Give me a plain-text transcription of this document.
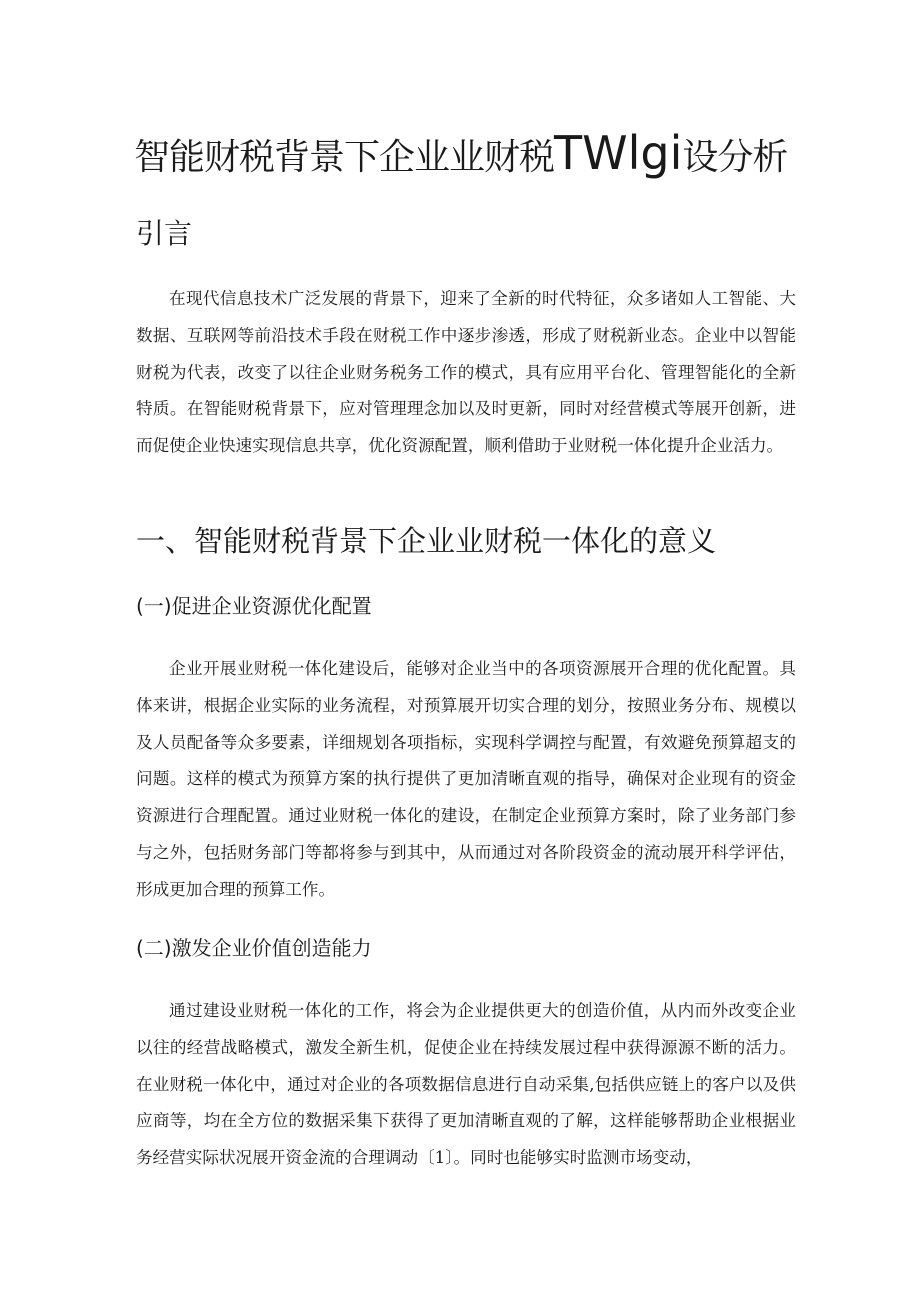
智能财税背景下企业业财税TWlgi设分析
引言

在现代信息技术广泛发展的背景下，迎来了全新的时代特征，众多诸如人工智能、大数据、互联网等前沿技术手段在财税工作中逐步渗透，形成了财税新业态。企业中以智能财税为代表，改变了以往企业财务税务工作的模式，具有应用平台化、管理智能化的全新特质。在智能财税背景下，应对管理理念加以及时更新，同时对经营模式等展开创新，进而促使企业快速实现信息共享，优化资源配置，顺利借助于业财税一体化提升企业活力。

一、智能财税背景下企业业财税一体化的意义
(一)促进企业资源优化配置

企业开展业财税一体化建设后，能够对企业当中的各项资源展开合理的优化配置。具体来讲，根据企业实际的业务流程，对预算展开切实合理的划分，按照业务分布、规模以及人员配备等众多要素，详细规划各项指标，实现科学调控与配置，有效避免预算超支的问题。这样的模式为预算方案的执行提供了更加清晰直观的指导，确保对企业现有的资金资源进行合理配置。通过业财税一体化的建设，在制定企业预算方案时，除了业务部门参与之外，包括财务部门等都将参与到其中，从而通过对各阶段资金的流动展开科学评估，形成更加合理的预算工作。

(二)激发企业价值创造能力

通过建设业财税一体化的工作，将会为企业提供更大的创造价值，从内而外改变企业以往的经营战略模式，激发全新生机，促使企业在持续发展过程中获得源源不断的活力。在业财税一体化中，通过对企业的各项数据信息进行自动采集,包括供应链上的客户以及供应商等，均在全方位的数据采集下获得了更加清晰直观的了解，这样能够帮助企业根据业务经营实际状况展开资金流的合理调动〔1〕。同时也能够实时监测市场变动，
